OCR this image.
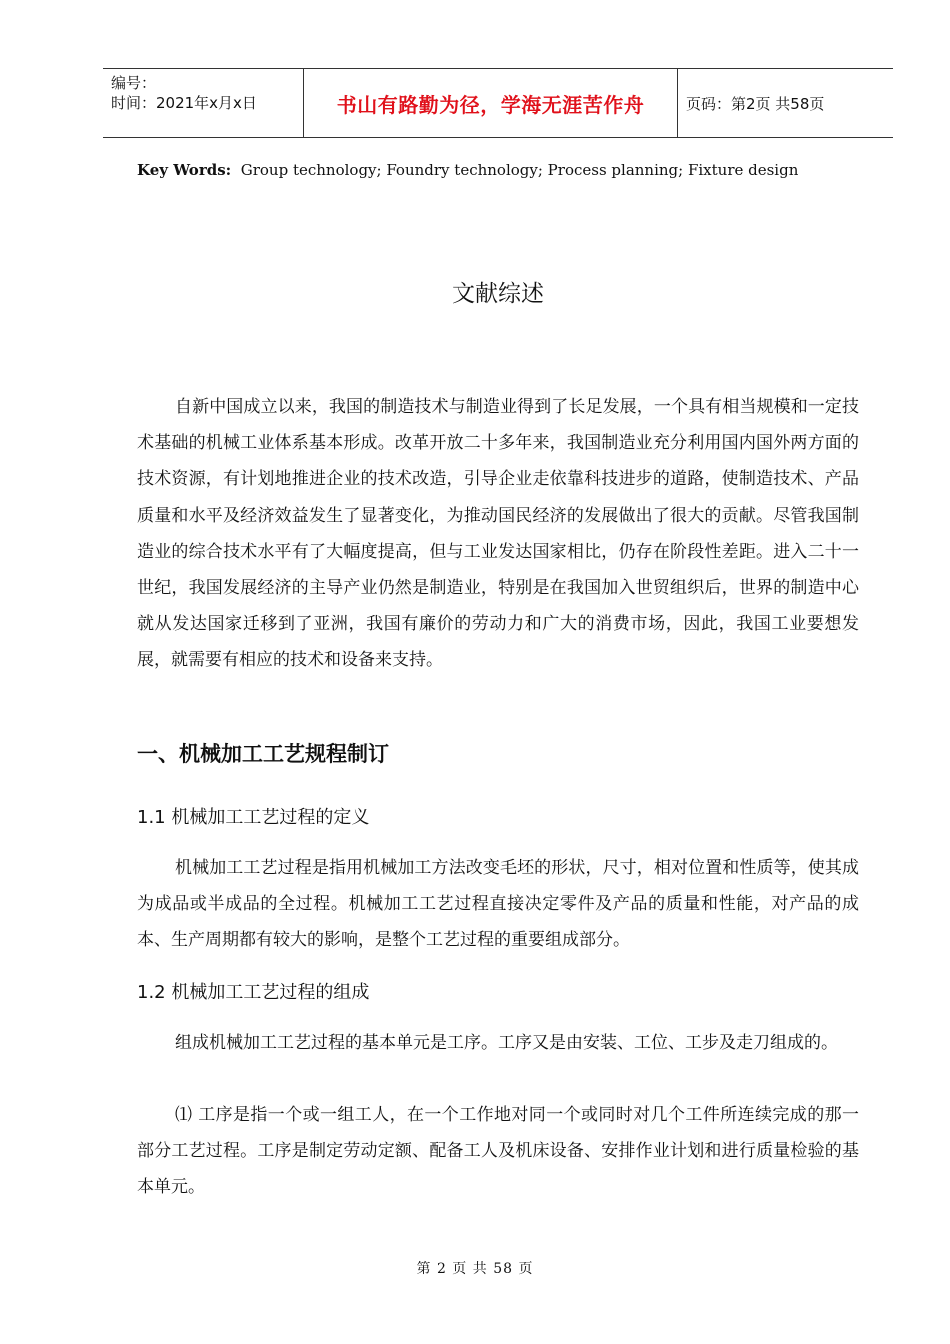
编号：
时间：2021年x月x日	书山有路勤为径，学海无涯苦作舟	页码：第2页 共58页
Key Words: Group technology; Foundry technology; Process planning; Fixture design
文献综述

自新中国成立以来，我国的制造技术与制造业得到了长足发展，一个具有相当规模和一定技术基础的机械工业体系基本形成。改革开放二十多年来，我国制造业充分利用国内国外两方面的技术资源，有计划地推进企业的技术改造，引导企业走依靠科技进步的道路，使制造技术、产品质量和水平及经济效益发生了显著变化，为推动国民经济的发展做出了很大的贡献。尽管我国制造业的综合技术水平有了大幅度提高，但与工业发达国家相比，仍存在阶段性差距。进入二十一世纪，我国发展经济的主导产业仍然是制造业，特别是在我国加入世贸组织后，世界的制造中心就从发达国家迁移到了亚洲，我国有廉价的劳动力和广大的消费市场，因此，我国工业要想发展，就需要有相应的技术和设备来支持。

一、机械加工工艺规程制订
1.1 机械加工工艺过程的定义

机械加工工艺过程是指用机械加工方法改变毛坯的形状，尺寸，相对位置和性质等，使其成为成品或半成品的全过程。机械加工工艺过程直接决定零件及产品的质量和性能，对产品的成本、生产周期都有较大的影响，是整个工艺过程的重要组成部分。

1.2 机械加工工艺过程的组成

组成机械加工工艺过程的基本单元是工序。工序又是由安装、工位、工步及走刀组成的。

⑴ 工序是指一个或一组工人，在一个工作地对同一个或同时对几个工件所连续完成的那一部分工艺过程。工序是制定劳动定额、配备工人及机床设备、安排作业计划和进行质量检验的基本单元。

第 2 页 共 58 页
